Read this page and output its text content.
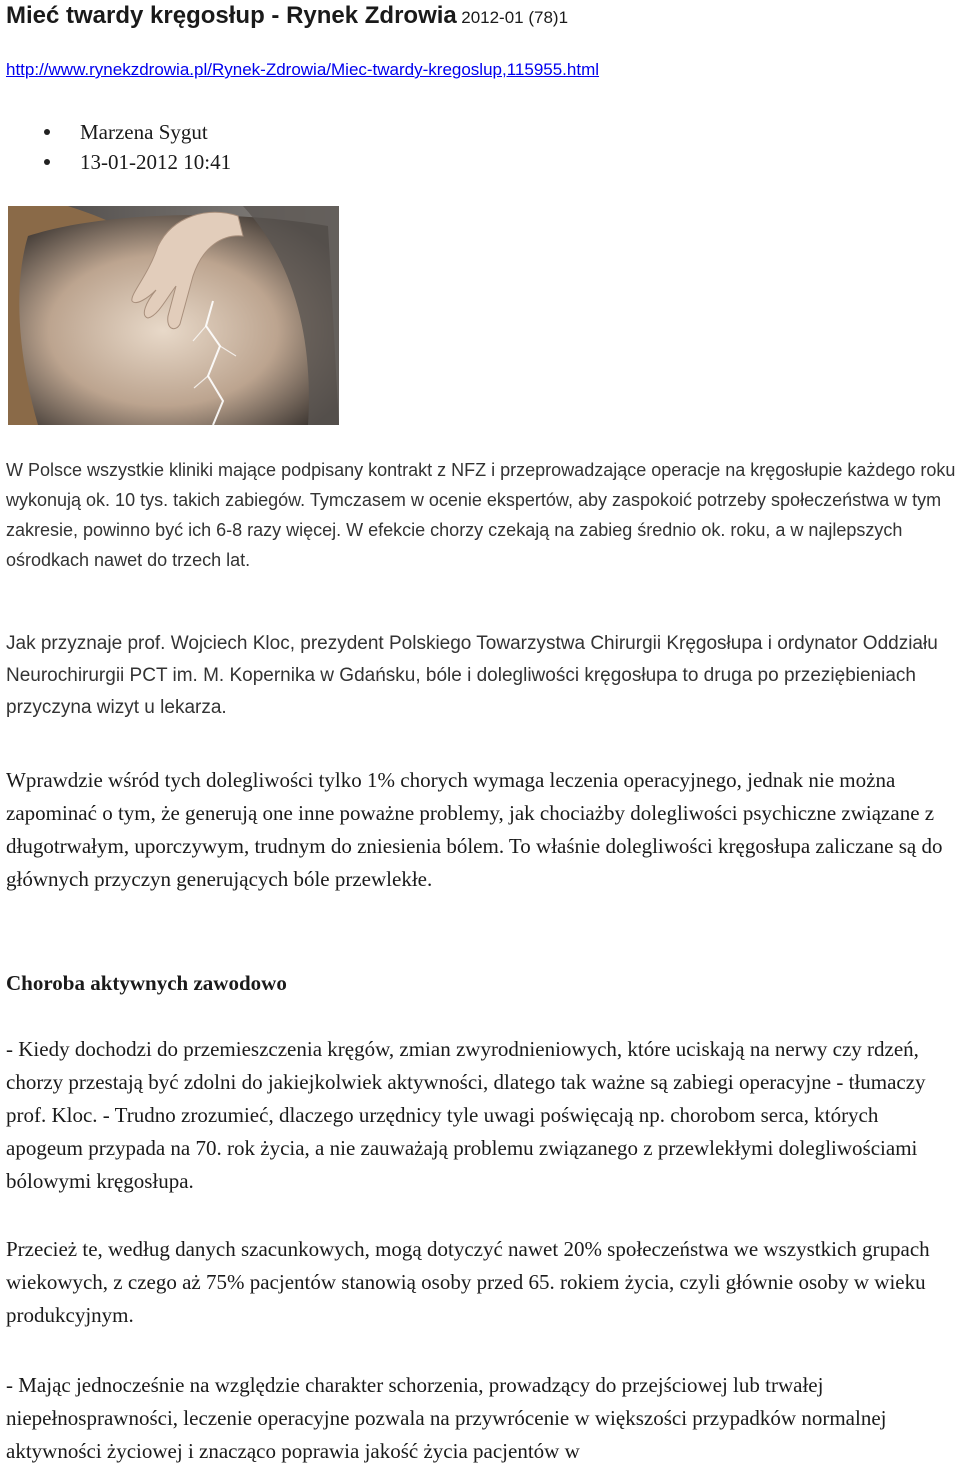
Mieć twardy kręgosłup - Rynek Zdrowia 2012-01 (78)1
http://www.rynekzdrowia.pl/Rynek-Zdrowia/Miec-twardy-kregoslup,115955.html
Marzena Sygut
13-01-2012 10:41

W Polsce wszystkie kliniki mające podpisany kontrakt z NFZ i przeprowadzające operacje na kręgosłupie każdego roku wykonują ok. 10 tys. takich zabiegów. Tymczasem w ocenie ekspertów, aby zaspokoić potrzeby społeczeństwa w tym zakresie, powinno być ich 6-8 razy więcej. W efekcie chorzy czekają na zabieg średnio ok. roku, a w najlepszych ośrodkach nawet do trzech lat.

Jak przyznaje prof. Wojciech Kloc, prezydent Polskiego Towarzystwa Chirurgii Kręgosłupa i ordynator Oddziału Neurochirurgii PCT im. M. Kopernika w Gdańsku, bóle i dolegliwości kręgosłupa to druga po przeziębieniach przyczyna wizyt u lekarza.

Wprawdzie wśród tych dolegliwości tylko 1% chorych wymaga leczenia operacyjnego, jednak nie można zapominać o tym, że generują one inne poważne problemy, jak chociażby dolegliwości psychiczne związane z długotrwałym, uporczywym, trudnym do zniesienia bólem. To właśnie dolegliwości kręgosłupa zaliczane są do głównych przyczyn generujących bóle przewlekłe.

Choroba aktywnych zawodowo

- Kiedy dochodzi do przemieszczenia kręgów, zmian zwyrodnieniowych, które uciskają na nerwy czy rdzeń, chorzy przestają być zdolni do jakiejkolwiek aktywności, dlatego tak ważne są zabiegi operacyjne - tłumaczy prof. Kloc. - Trudno zrozumieć, dlaczego urzędnicy tyle uwagi poświęcają np. chorobom serca, których apogeum przypada na 70. rok życia, a nie zauważają problemu związanego z przewlekłymi dolegliwościami bólowymi kręgosłupa.

Przecież te, według danych szacunkowych, mogą dotyczyć nawet 20% społeczeństwa we wszystkich grupach wiekowych, z czego aż 75% pacjentów stanowią osoby przed 65. rokiem życia, czyli głównie osoby w wieku produkcyjnym.

- Mając jednocześnie na względzie charakter schorzenia, prowadzący do przejściowej lub trwałej niepełnosprawności, leczenie operacyjne pozwala na przywrócenie w większości przypadków normalnej aktywności życiowej i znacząco poprawia jakość życia pacjentów w
